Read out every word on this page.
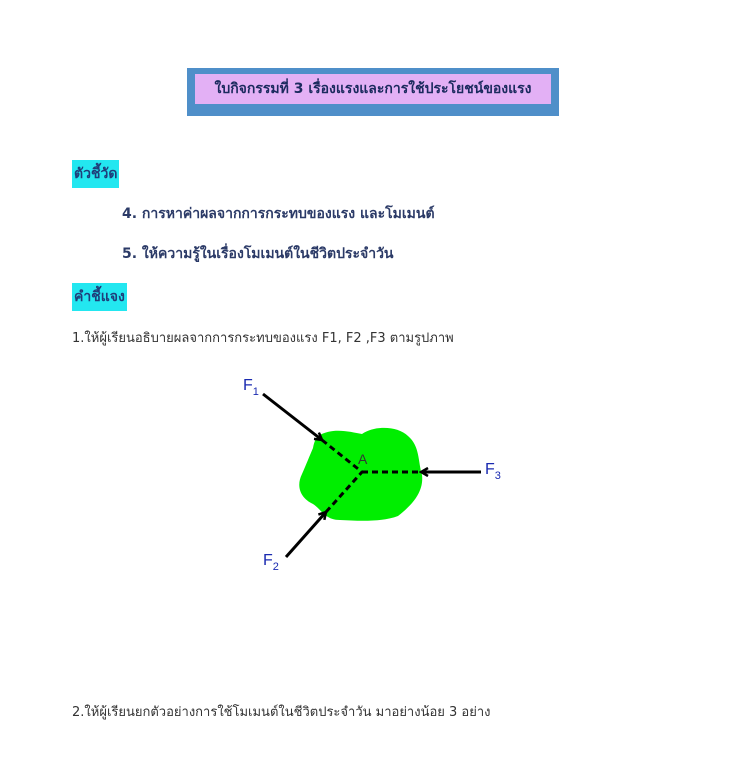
ใบกิจกรรมที่ 3 เรื่องแรงและการใช้ประโยชน์ของแรง
ตัวชี้วัด
4. การหาค่าผลจากการกระทบของแรง และโมเมนต์
5. ให้ความรู้ในเรื่องโมเมนต์ในชีวิตประจำวัน
คำชี้แจง
1.ให้ผู้เรียนอธิบายผลจากการกระทบของแรง F1, F2 ,F3 ตามรูปภาพ
A
$F_1$
$F_2$
$F_3$
2.ให้ผู้เรียนยกตัวอย่างการใช้โมเมนต์ในชีวิตประจำวัน มาอย่างน้อย 3 อย่าง
